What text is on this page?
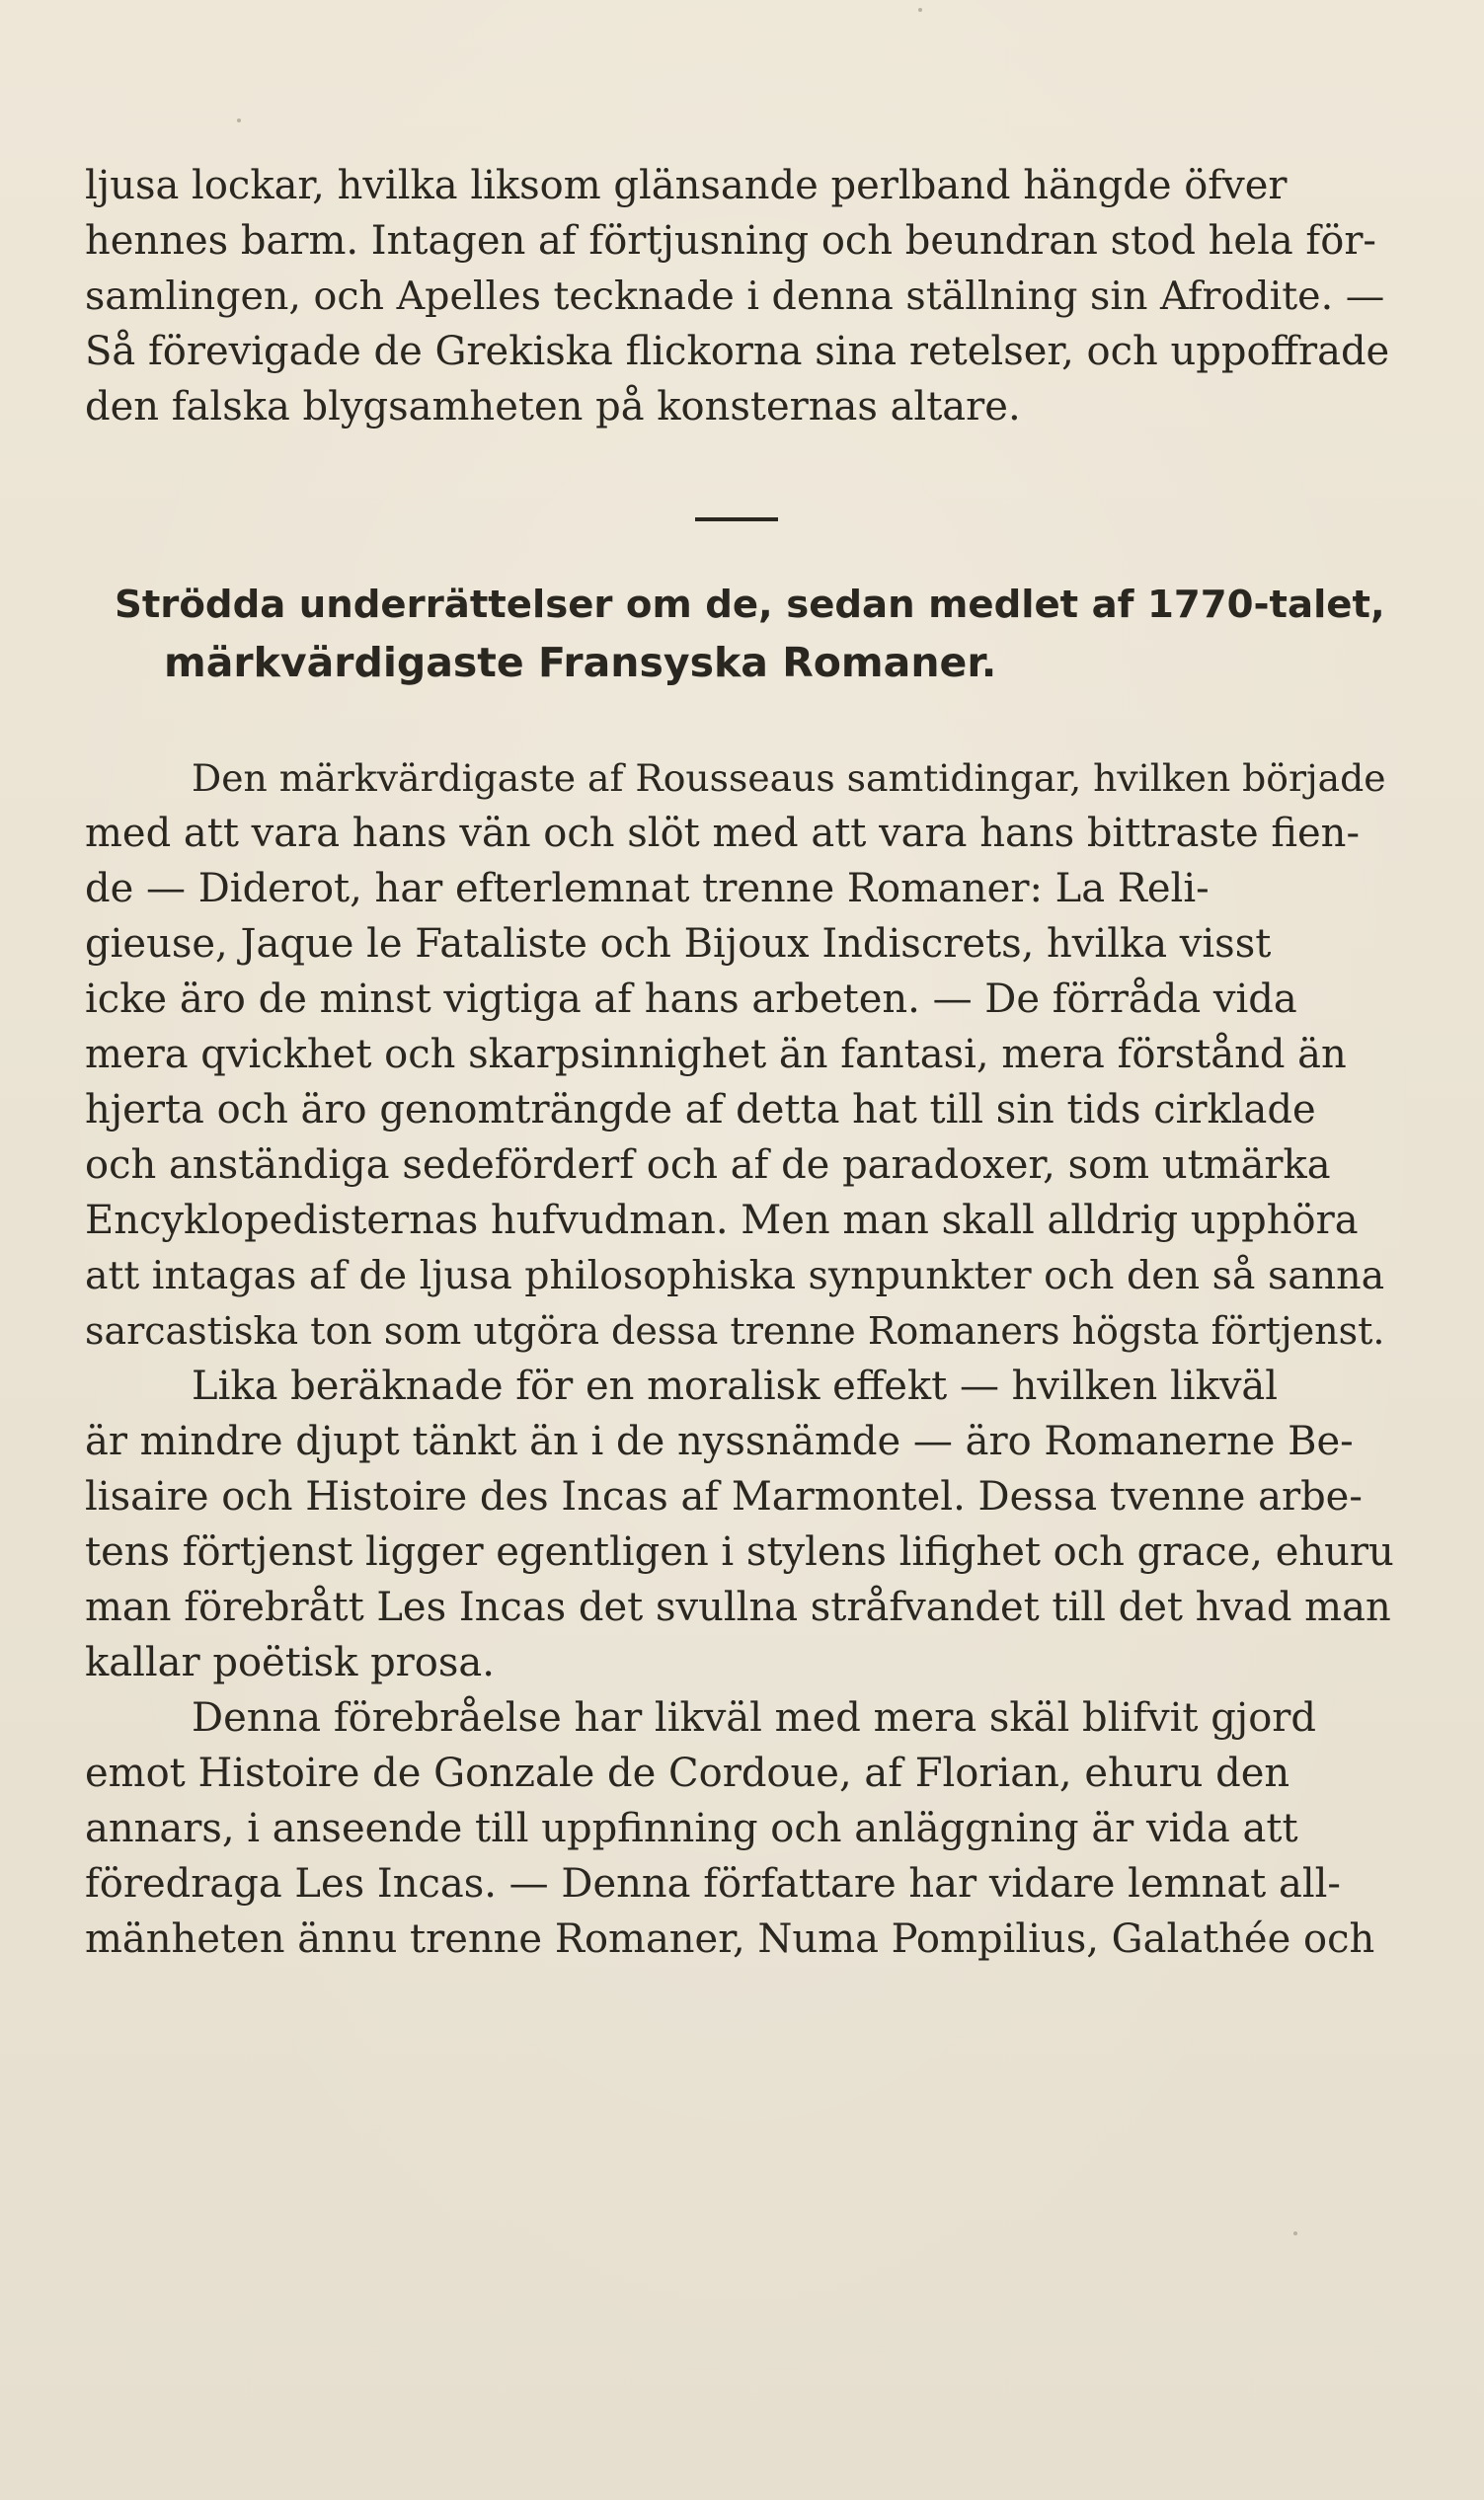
ljusa lockar, hvilka liksom glänsande perlband hängde öfver
hennes barm. Intagen af förtjusning och beundran stod hela för-
samlingen, och Apelles tecknade i denna ställning sin Afrodite. —
Så förevigade de Grekiska flickorna sina retelser, och uppoffrade
den falska blygsamheten på konsternas altare.
Strödda underrättelser om de, sedan medlet af 1770-talet,
märkvärdigaste Fransyska Romaner.
Den märkvärdigaste af Rousseaus samtidingar, hvilken började
med att vara hans vän och slöt med att vara hans bittraste fien-
de — Diderot, har efterlemnat trenne Romaner: La Reli-
gieuse, Jaque le Fataliste och Bijoux Indiscrets, hvilka visst
icke äro de minst vigtiga af hans arbeten. — De förråda vida
mera qvickhet och skarpsinnighet än fantasi, mera förstånd än
hjerta och äro genomträngde af detta hat till sin tids cirklade
och anständiga sedeförderf och af de paradoxer, som utmärka
Encyklopedisternas hufvudman. Men man skall alldrig upphöra
att intagas af de ljusa philosophiska synpunkter och den så sanna
sarcastiska ton som utgöra dessa trenne Romaners högsta förtjenst.
Lika beräknade för en moralisk effekt — hvilken likväl
är mindre djupt tänkt än i de nyssnämde — äro Romanerne Be-
lisaire och Histoire des Incas af Marmontel. Dessa tvenne arbe-
tens förtjenst ligger egentligen i stylens lifighet och grace, ehuru
man förebrått Les Incas det svullna stråfvandet till det hvad man
kallar poëtisk prosa.
Denna förebråelse har likväl med mera skäl blifvit gjord
emot Histoire de Gonzale de Cordoue, af Florian, ehuru den
annars, i anseende till uppfinning och anläggning är vida att
föredraga Les Incas. — Denna författare har vidare lemnat all-
mänheten ännu trenne Romaner, Numa Pompilius, Galathée och
